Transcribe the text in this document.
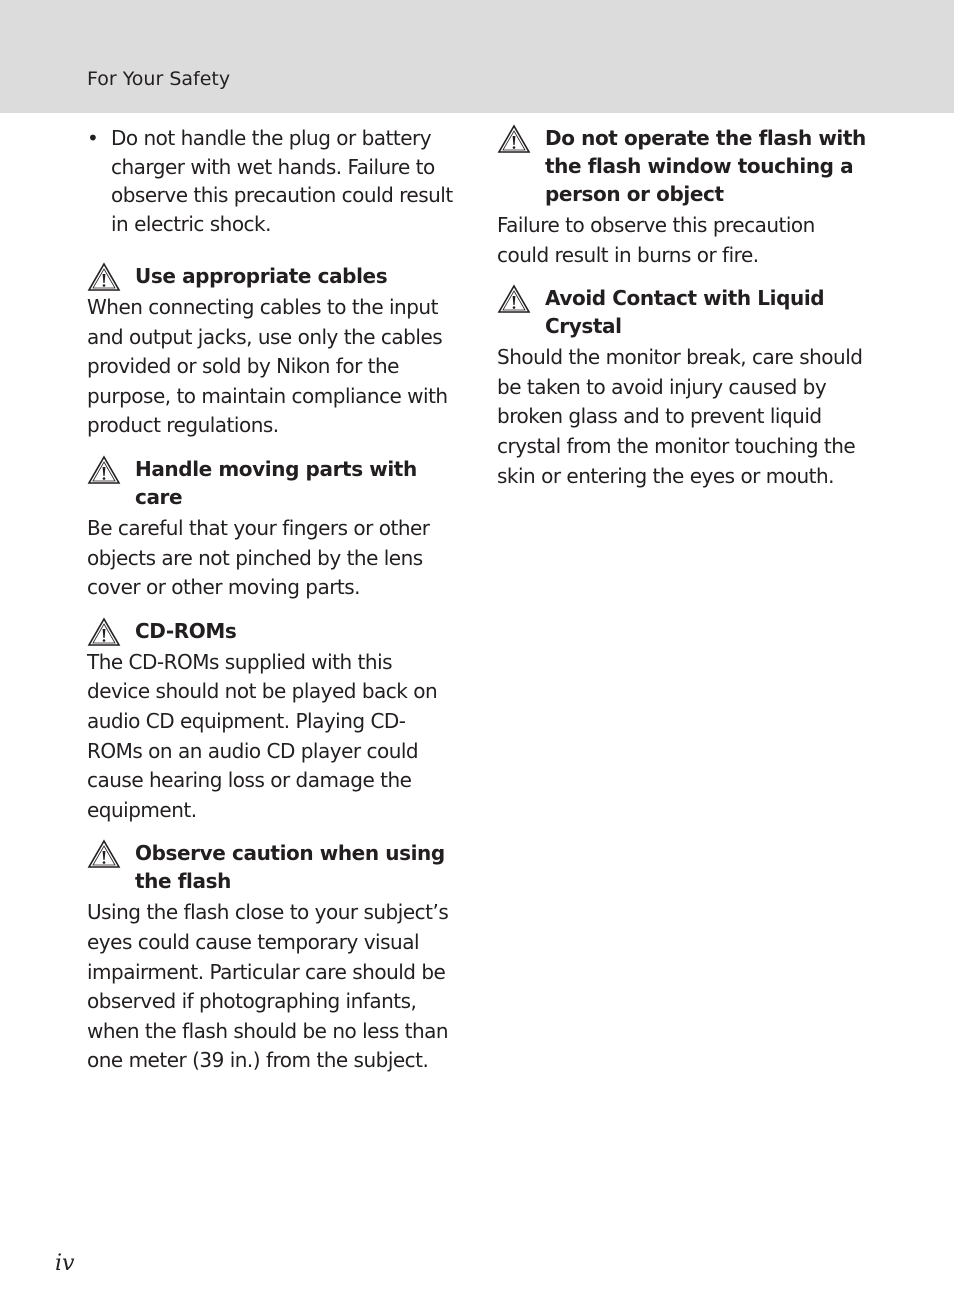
For Your Safety

• Do not handle the plug or battery charger with wet hands. Failure to observe this precaution could result in electric shock.

Use appropriate cables

When connecting cables to the input and output jacks, use only the cables provided or sold by Nikon for the purpose, to maintain compliance with product regulations.

Handle moving parts with care

Be careful that your fingers or other objects are not pinched by the lens cover or other moving parts.

CD-ROMs

The CD-ROMs supplied with this device should not be played back on audio CD equipment. Playing CD-ROMs on an audio CD player could cause hearing loss or damage the equipment.

Observe caution when using the flash

Using the flash close to your subject’s eyes could cause temporary visual impairment. Particular care should be observed if photographing infants, when the flash should be no less than one meter (39 in.) from the subject.

Do not operate the flash with the flash window touching a person or object

Failure to observe this precaution could result in burns or fire.

Avoid Contact with Liquid Crystal

Should the monitor break, care should be taken to avoid injury caused by broken glass and to prevent liquid crystal from the monitor touching the skin or entering the eyes or mouth.

iv
